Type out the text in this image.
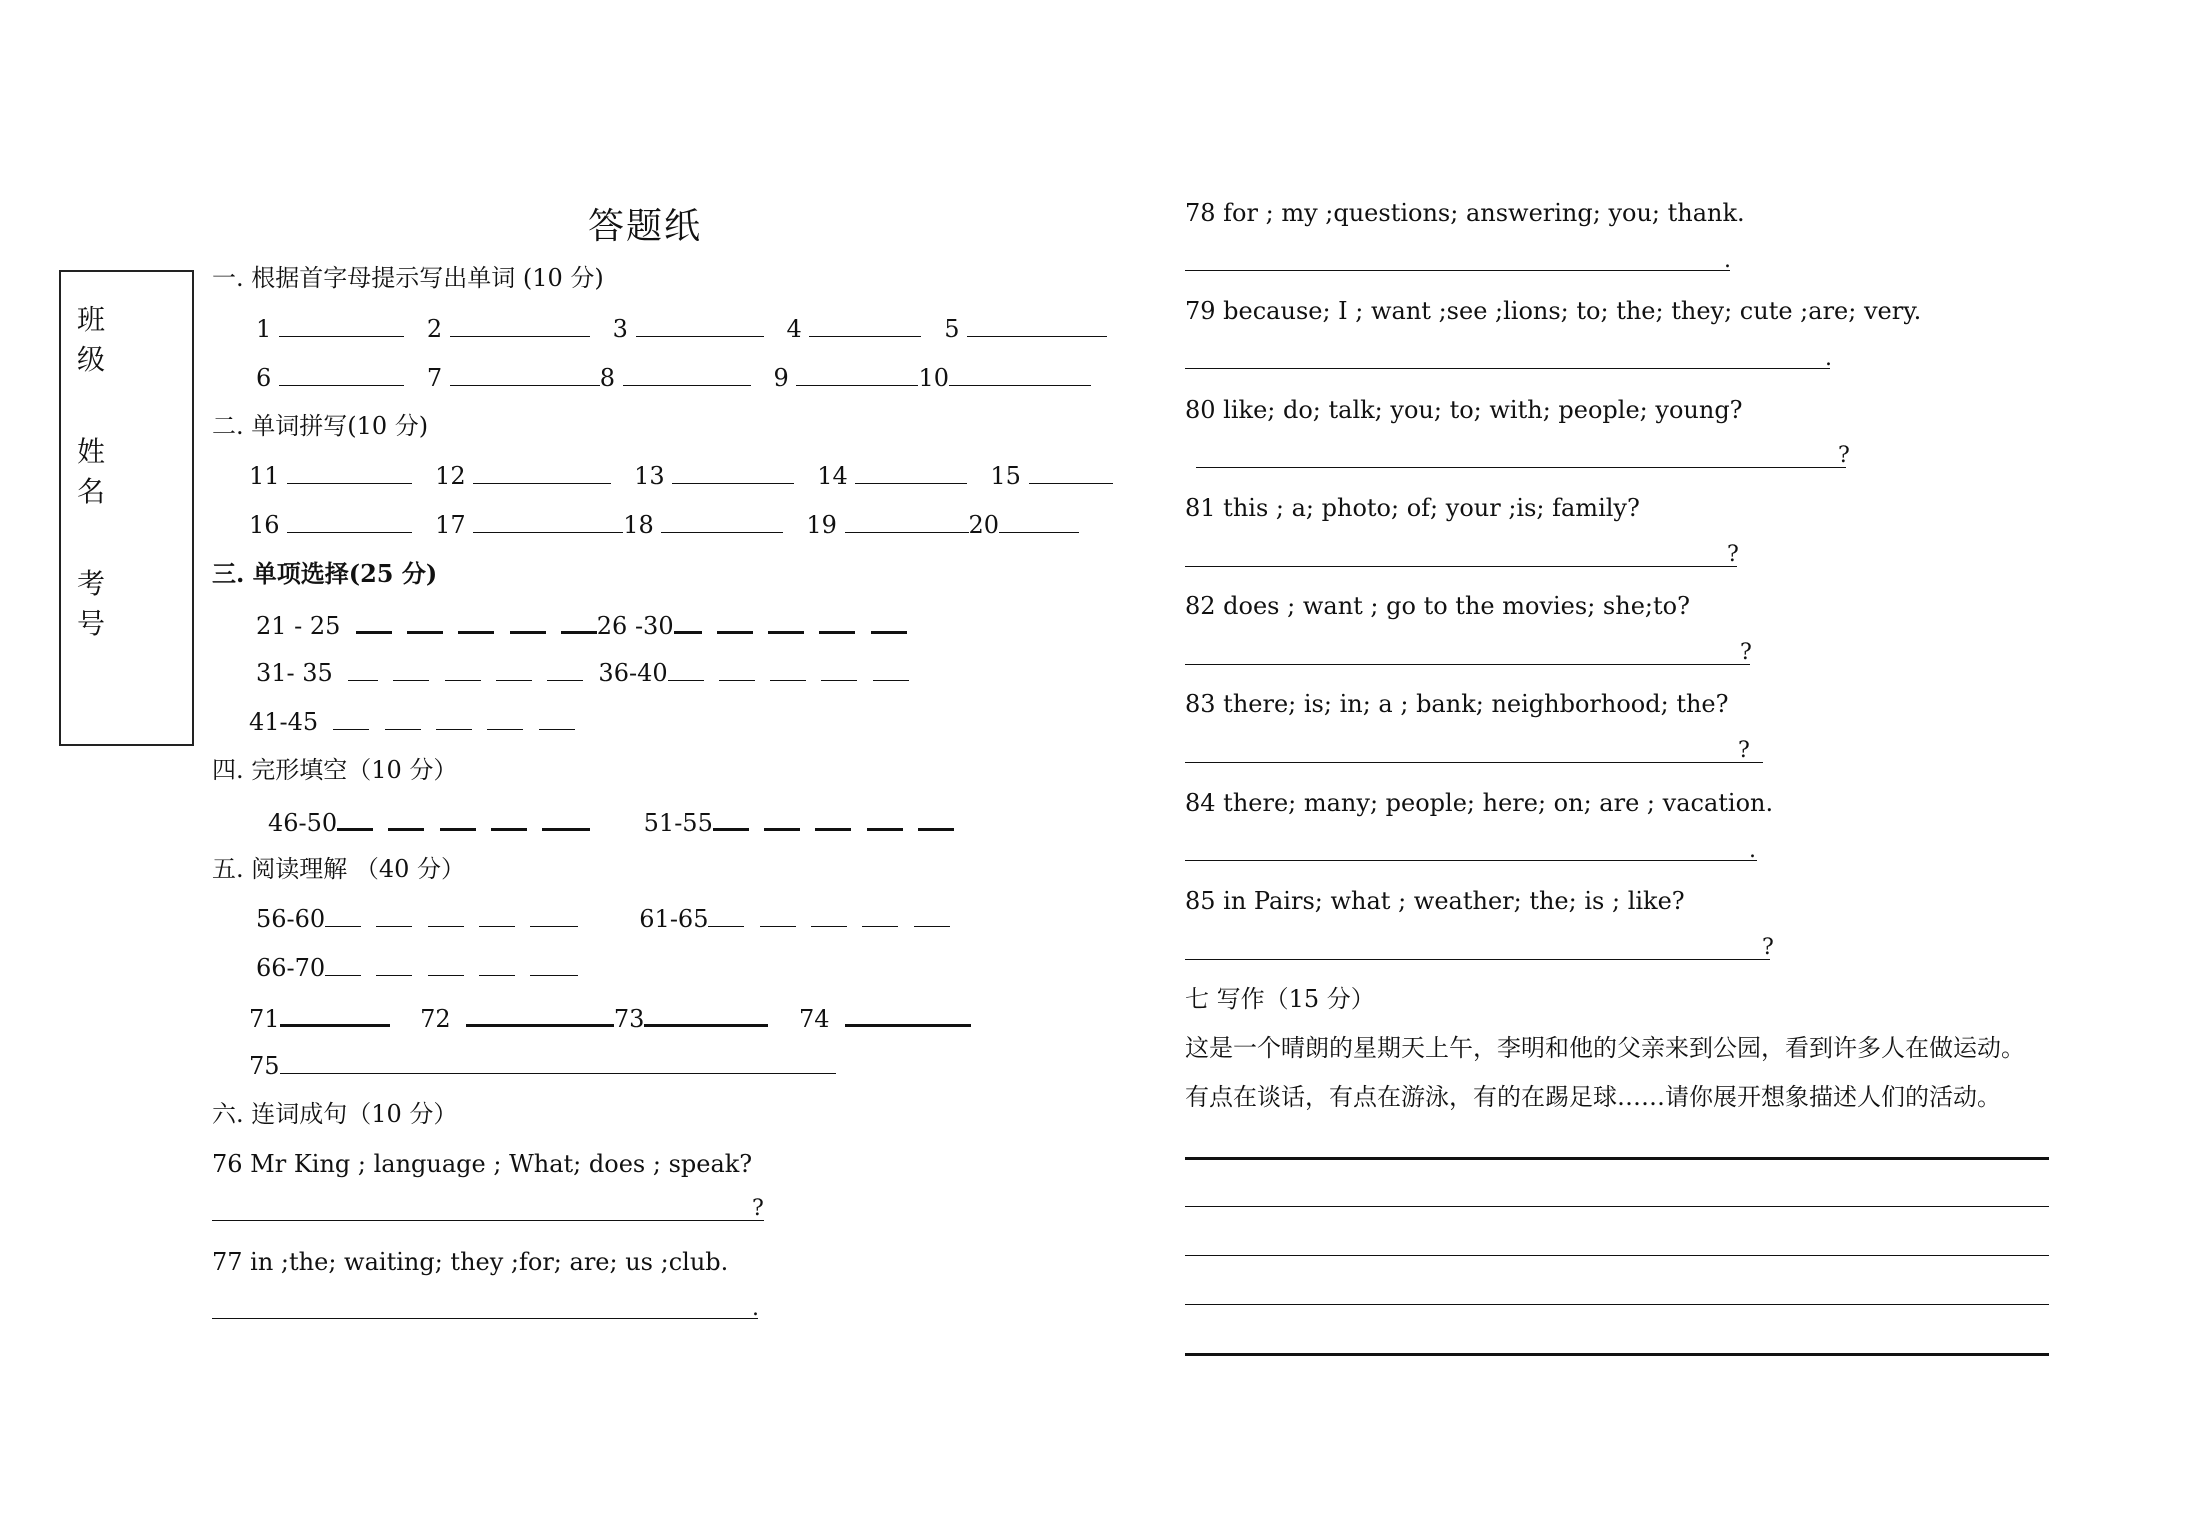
答题纸
班级
姓名
考号
一. 根据首字母提示写出单词 (10 分)
1	2	3	4	5
6	7	8	9	10
二. 单词拼写(10 分)
11	12	13	14	15
16	17	18	19	20
三. 单项选择(25 分)
21 - 25	26 -30
31- 35	36-40
41-45
四. 完形填空（10 分）
46-50	51-55
五. 阅读理解 （40 分）
56-60	61-65
66-70
71	72	73	74
75
六. 连词成句（10 分）
76 Mr King ; language ; What; does ; speak?
?
77 in ;the; waiting; they ;for; are; us ;club.
.
78 for ; my ;questions; answering; you; thank.
.
79 because; I ; want ;see ;lions; to; the; they; cute ;are; very.
.
80 like; do; talk; you; to; with; people; young?
?
81 this ; a; photo; of; your ;is; family?
?
82 does ; want ; go to the movies; she;to?
?
83 there; is; in; a ; bank; neighborhood; the?
?
84 there; many; people; here; on; are ; vacation.
.
85 in Pairs; what ; weather; the; is ; like?
?
七 写作（15 分）
这是一个晴朗的星期天上午，李明和他的父亲来到公园，看到许多人在做运动。
有点在谈话，有点在游泳，有的在踢足球……请你展开想象描述人们的活动。
